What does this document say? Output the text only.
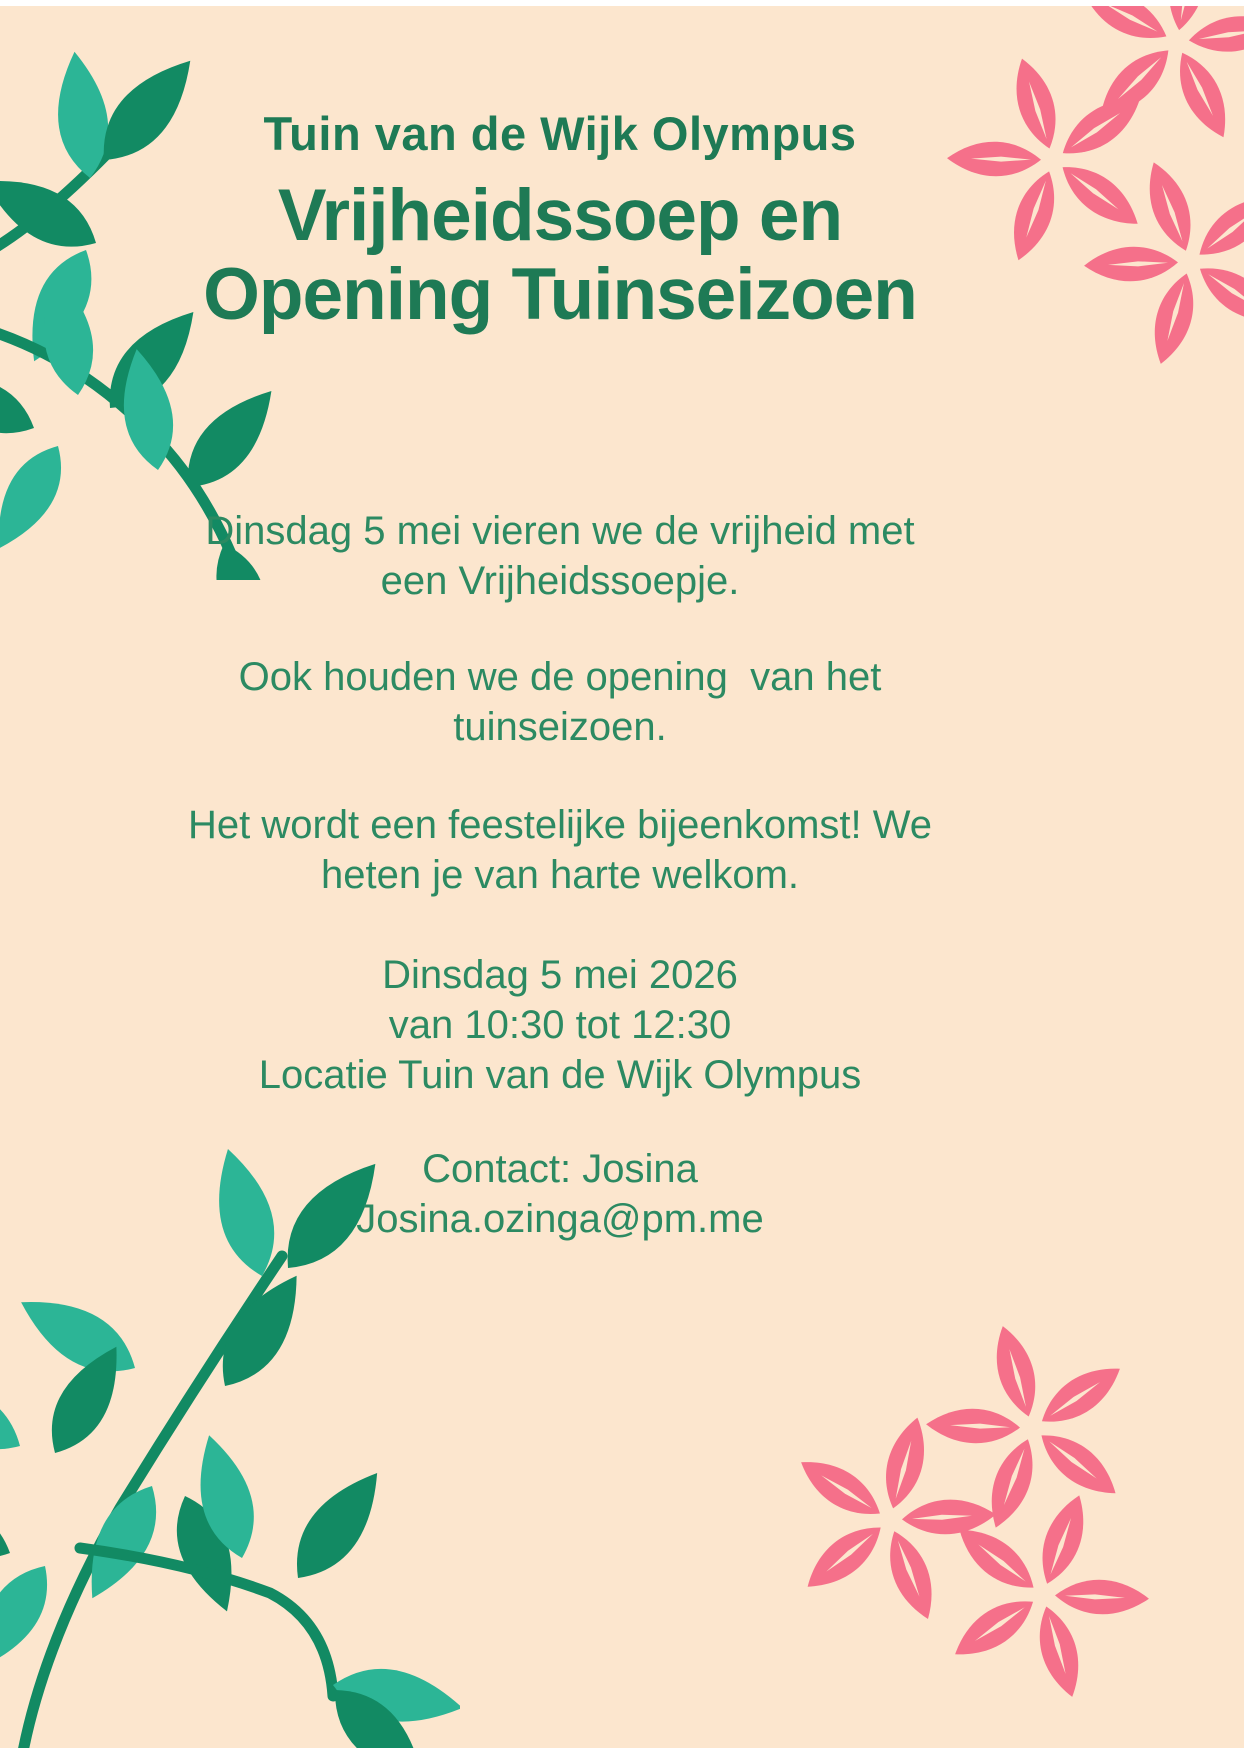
Tuin van de Wijk Olympus
Vrijheidssoep en
Opening Tuinseizoen
Dinsdag 5 mei vieren we de vrijheid met
een Vrijheidssoepje.
Ook houden we de opening  van het
tuinseizoen.
Het wordt een feestelijke bijeenkomst! We
heten je van harte welkom.
Dinsdag 5 mei 2026
van 10:30 tot 12:30
Locatie Tuin van de Wijk Olympus
Contact: Josina
Josina.ozinga@pm.me
